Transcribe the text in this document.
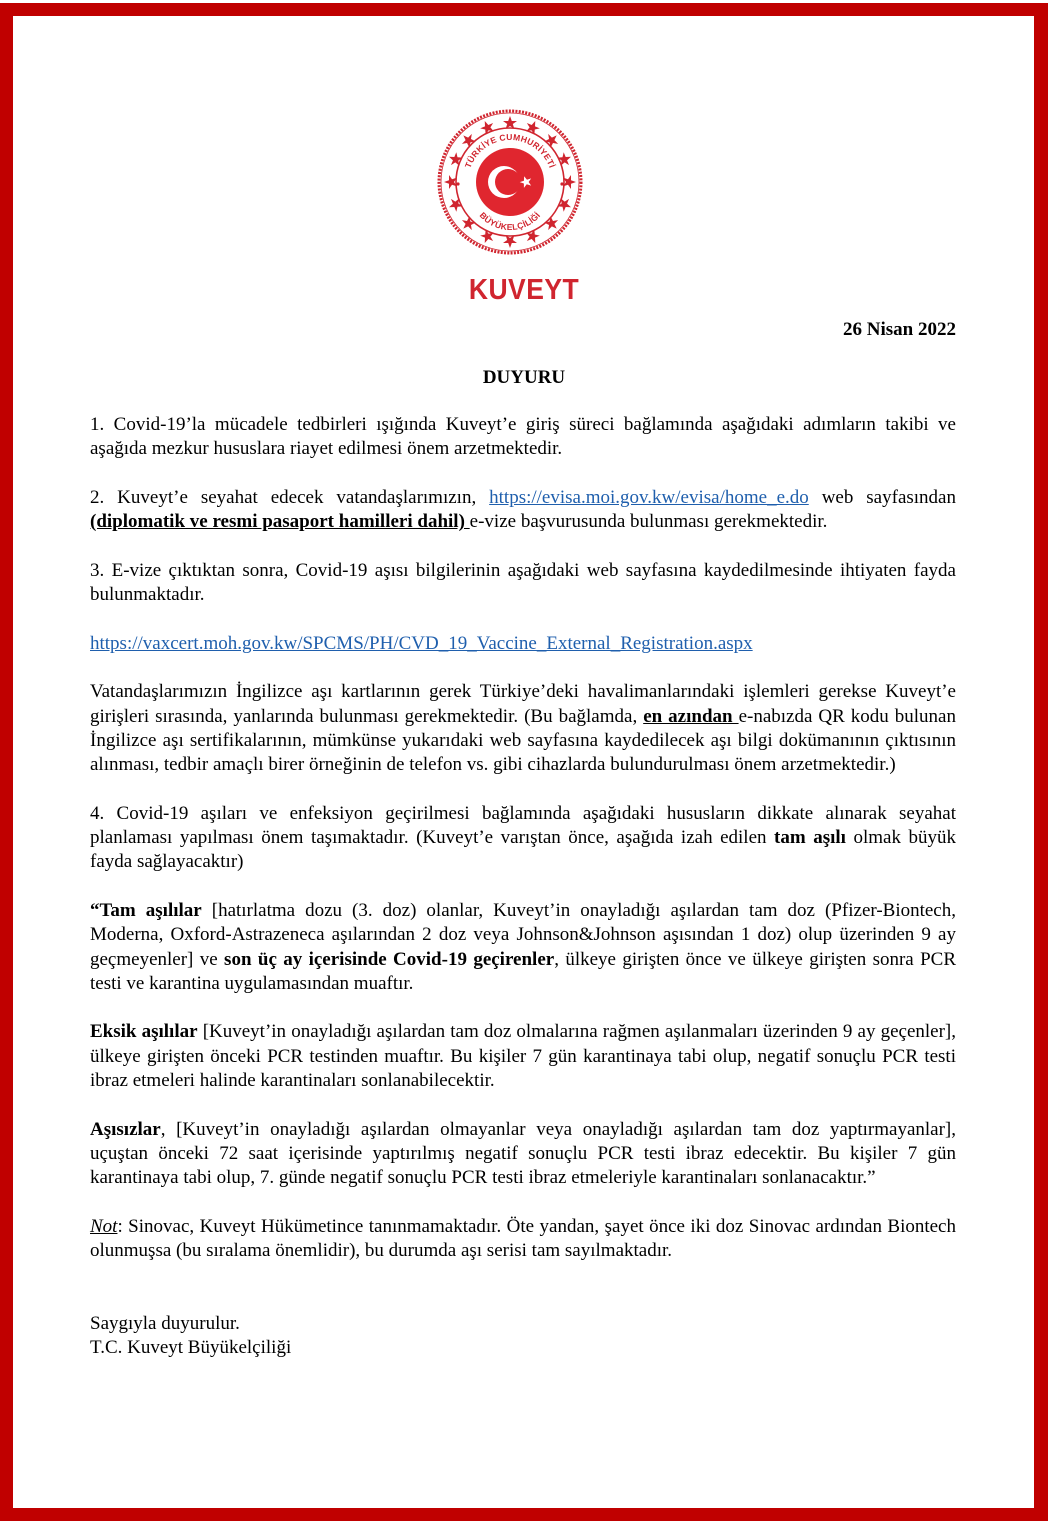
TÜRKİYE CUMHURİYETİ
BÜYÜKELÇİLİĞİ
KUVEYT
26 Nisan 2022
DUYURU

1. Covid-19’la mücadele tedbirleri ışığında Kuveyt’e giriş süreci bağlamında aşağıdaki adımların takibi ve aşağıda mezkur hususlara riayet edilmesi önem arzetmektedir.

2. Kuveyt’e seyahat edecek vatandaşlarımızın, https://evisa.moi.gov.kw/evisa/home_e.do web sayfasından (diplomatik ve resmi pasaport hamilleri dahil) e-vize başvurusunda bulunması gerekmektedir.

3. E-vize çıktıktan sonra, Covid-19 aşısı bilgilerinin aşağıdaki web sayfasına kaydedilmesinde ihtiyaten fayda bulunmaktadır.

https://vaxcert.moh.gov.kw/SPCMS/PH/CVD_19_Vaccine_External_Registration.aspx

Vatandaşlarımızın İngilizce aşı kartlarının gerek Türkiye’deki havalimanlarındaki işlemleri gerekse Kuveyt’e girişleri sırasında, yanlarında bulunması gerekmektedir. (Bu bağlamda, en azından e-nabızda QR kodu bulunan İngilizce aşı sertifikalarının, mümkünse yukarıdaki web sayfasına kaydedilecek aşı bilgi dokümanının çıktısının alınması, tedbir amaçlı birer örneğinin de telefon vs. gibi cihazlarda bulundurulması önem arzetmektedir.)

4. Covid-19 aşıları ve enfeksiyon geçirilmesi bağlamında aşağıdaki hususların dikkate alınarak seyahat planlaması yapılması önem taşımaktadır. (Kuveyt’e varıştan önce, aşağıda izah edilen tam aşılı olmak büyük fayda sağlayacaktır)

“Tam aşılılar [hatırlatma dozu (3. doz) olanlar, Kuveyt’in onayladığı aşılardan tam doz (Pfizer-Biontech, Moderna, Oxford-Astrazeneca aşılarından 2 doz veya Johnson&Johnson aşısından 1 doz) olup üzerinden 9 ay geçmeyenler] ve son üç ay içerisinde Covid-19 geçirenler, ülkeye girişten önce ve ülkeye girişten sonra PCR testi ve karantina uygulamasından muaftır.

Eksik aşılılar [Kuveyt’in onayladığı aşılardan tam doz olmalarına rağmen aşılanmaları üzerinden 9 ay geçenler], ülkeye girişten önceki PCR testinden muaftır. Bu kişiler 7 gün karantinaya tabi olup, negatif sonuçlu PCR testi ibraz etmeleri halinde karantinaları sonlanabilecektir.

Aşısızlar, [Kuveyt’in onayladığı aşılardan olmayanlar veya onayladığı aşılardan tam doz yaptırmayanlar], uçuştan önceki 72 saat içerisinde yaptırılmış negatif sonuçlu PCR testi ibraz edecektir. Bu kişiler 7 gün karantinaya tabi olup, 7. günde negatif sonuçlu PCR testi ibraz etmeleriyle karantinaları sonlanacaktır.”

Not: Sinovac, Kuveyt Hükümetince tanınmamaktadır. Öte yandan, şayet önce iki doz Sinovac ardından Biontech olunmuşsa (bu sıralama önemlidir), bu durumda aşı serisi tam sayılmaktadır.

Saygıyla duyurulur.

T.C. Kuveyt Büyükelçiliği
